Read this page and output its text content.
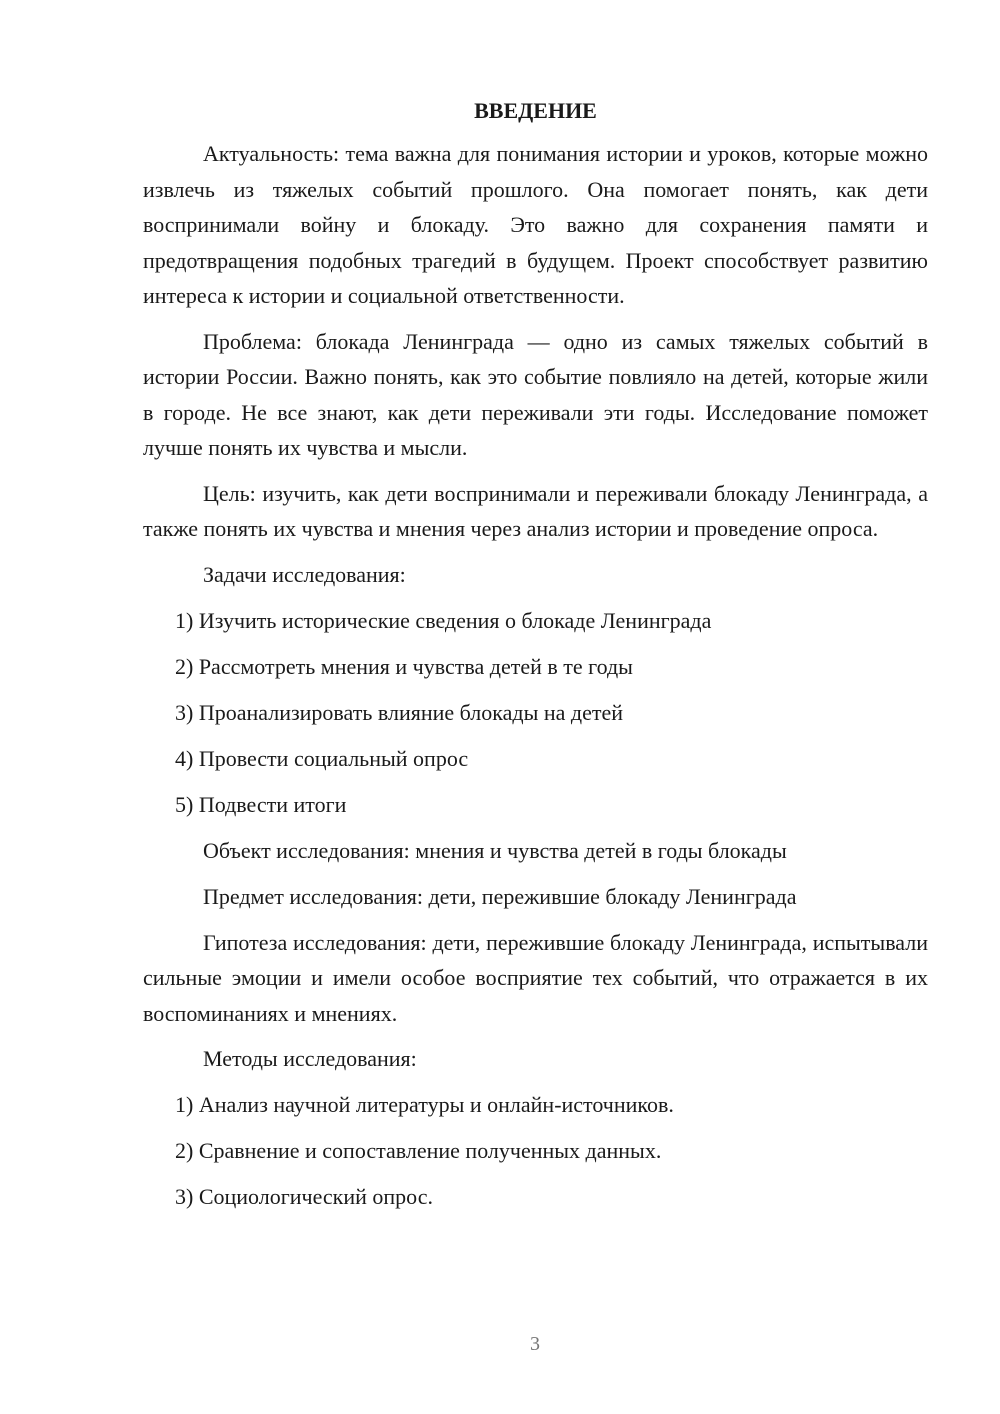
ВВЕДЕНИЕ
Актуальность: тема важна для понимания истории и уроков, которые можно извлечь из тяжелых событий прошлого. Она помогает понять, как дети воспринимали войну и блокаду. Это важно для сохранения памяти и предотвращения подобных трагедий в будущем. Проект способствует развитию интереса к истории и социальной ответственности.
Проблема: блокада Ленинграда — одно из самых тяжелых событий в истории России. Важно понять, как это событие повлияло на детей, которые жили в городе. Не все знают, как дети переживали эти годы. Исследование поможет лучше понять их чувства и мысли.
Цель: изучить, как дети воспринимали и переживали блокаду Ленинграда, а также понять их чувства и мнения через анализ истории и проведение опроса.
Задачи исследования:
1) Изучить исторические сведения о блокаде Ленинграда
2) Рассмотреть мнения и чувства детей в те годы
3) Проанализировать влияние блокады на детей
4) Провести социальный опрос
5) Подвести итоги
Объект исследования: мнения и чувства детей в годы блокады
Предмет исследования: дети, пережившие блокаду Ленинграда
Гипотеза исследования: дети, пережившие блокаду Ленинграда, испытывали сильные эмоции и имели особое восприятие тех событий, что отражается в их воспоминаниях и мнениях.
Методы исследования:
1) Анализ научной литературы и онлайн-источников.
2) Сравнение и сопоставление полученных данных.
3) Социологический опрос.
3
